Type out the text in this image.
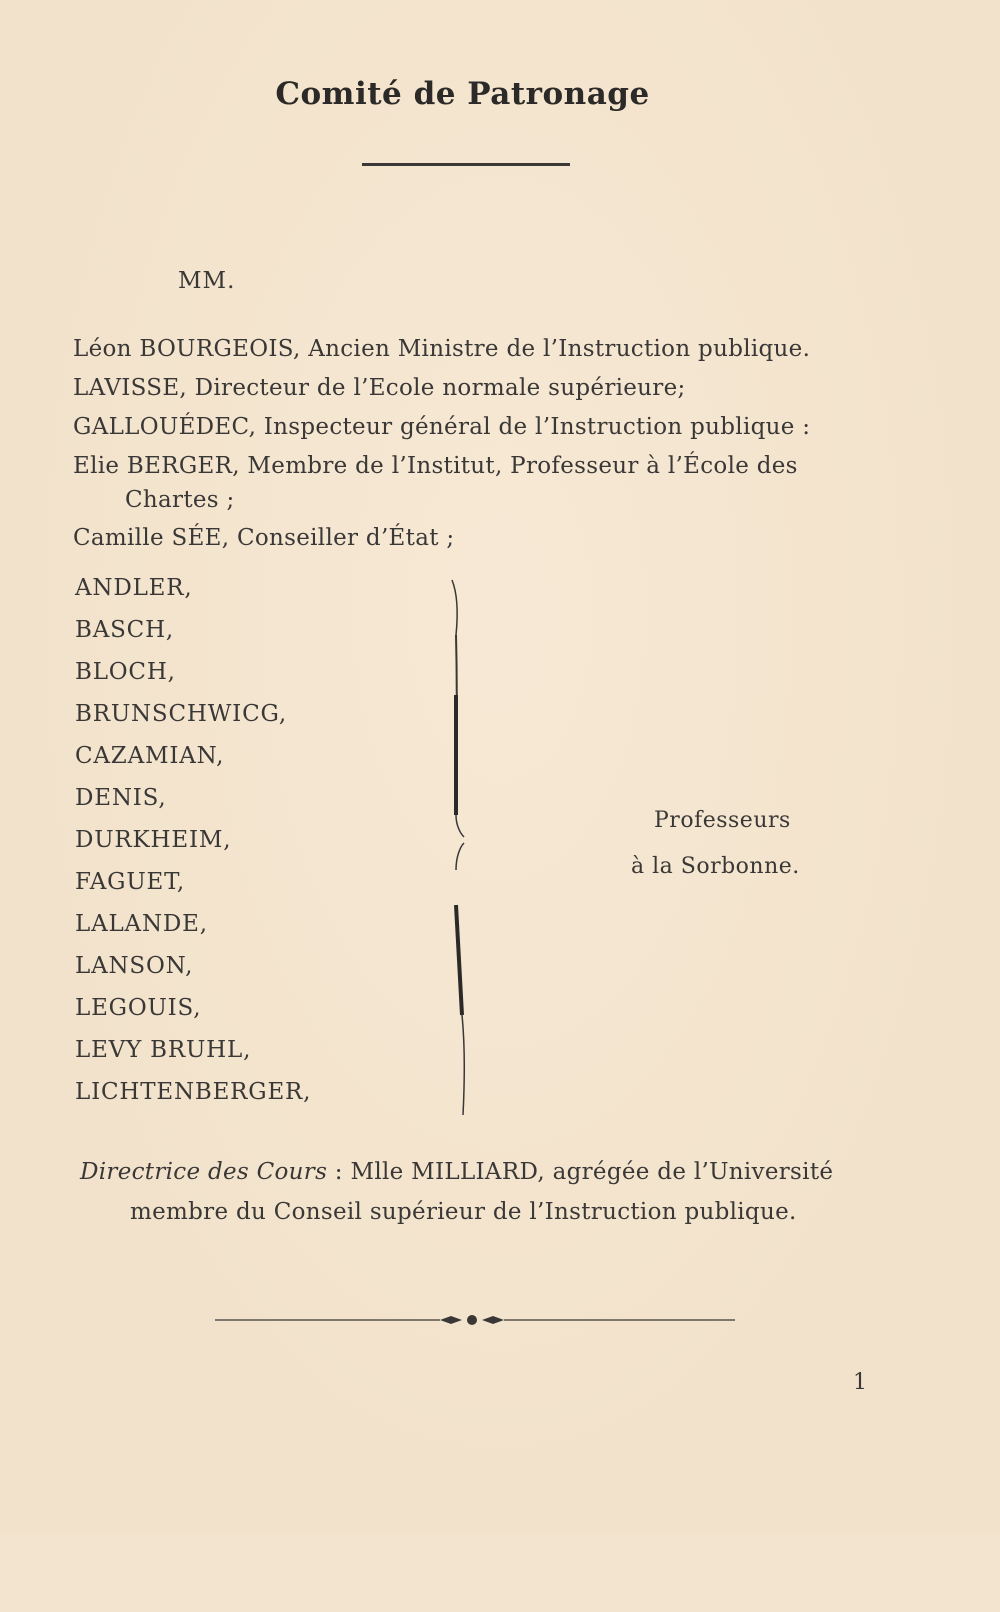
Comité de Patronage
MM.
Léon BOURGEOIS, Ancien Ministre de l’Instruction publique.
LAVISSE, Directeur de l’Ecole normale supérieure;
GALLOUÉDEC, Inspecteur général de l’Instruction publique :
Elie BERGER, Membre de l’Institut, Professeur à l’École des
Chartes ;
Camille SÉE, Conseiller d’État ;
ANDLER,
BASCH,
BLOCH,
BRUNSCHWICG,
CAZAMIAN,
DENIS,
DURKHEIM,
FAGUET,
LALANDE,
LANSON,
LEGOUIS,
LEVY BRUHL,
LICHTENBERGER,
Professeurs
à la Sorbonne.
Directrice des Cours : Mlle MILLIARD, agrégée de l’Université
membre du Conseil supérieur de l’Instruction publique.
1
